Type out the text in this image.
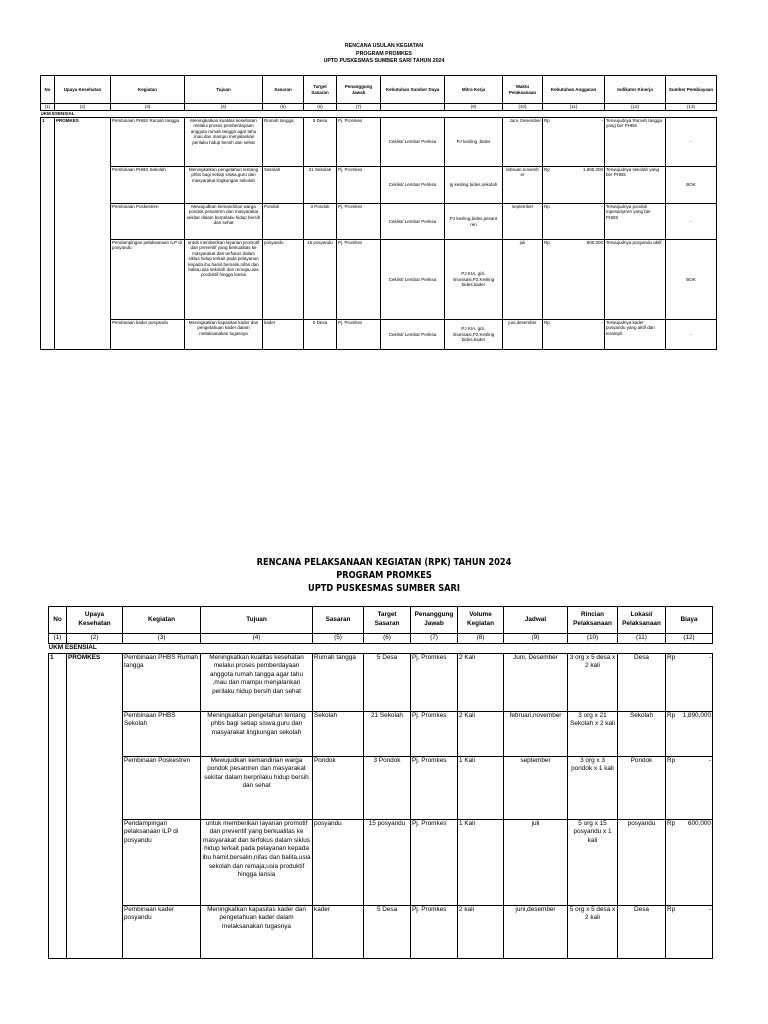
RENCANA USULAN KEGIATAN
PROGRAM PROMKES
UPTD PUSKESMAS SUMBER SARI TAHUN 2024
No	Upaya Kesehatan	Kegiatan	Tujuan	Sasaran	Target Sasaran	Penanggung Jawab	Kebutuhan Sumber Daya	Mitra Kerja	Waktu Pelaksanaan	Kebutuhan Anggaran	Indikator Kinerja	Sumber Pembiayaan
(1)	(2)	(3)	(4)	(5)	(6)	(7)		(9)	(10)	(11)	(12)	(13)
UKM ESENSIAL												
1	PROMKES	Pembinaan PHBS Rumah tangga	Meningkatkan kualitas kesehatan melalui proses pemberdayaan anggota rumah tangga agar tahu ,mau dan mampu menjalankan perilaku hidup bersih dan sehat	Rumah tangga	5 Desa	Pj. Promkes	Ceklist/ Lembar Periksa	PJ kesling ,bides	Juni, Desember	Rp -	Terwujudnya Rumah tangga yang ber PHBS	-
		Pembinaan PHBS Sekolah	Meningkatkan pengetahun tentang phbs bagi setiap siswa,guru dan masyarakat lingkungan sekolah	Sekolah	21 Sekolah	Pj. Promkes	Ceklist/ Lembar Periksa	pj kesling bides,sekolah	februari,novemb er	Rp 1,890,000	Terwujudnya sekolah yang ber PHBS	BOK
		Pembinaan Poskestren	Mewujudkan kemandirian warga pondok pesantren dan masyarakat sekitar dalam berprilaku hidup bersih dan sehat	Pondok	3 Pondok	Pj. Promkes	Ceklist/ Lembar Periksa	PJ kesling,bides,pesant ren	september	Rp -	Terwujudnya pondok mpesanytren yang ber PHBS	-
		Pendampingan pelaksanaan ILP di posyandu	untuk memberikan layanan promotif dan preventif yang berkualitas ke masyarakat dan terfokus dalam siklus hidup terkait pada pelayanan kepada ibu hamil,bersalin,nifas dan balita,usia sekolah dan remaja,usia produktif hingga lansia	posyandu	15 posyandu	Pj. Promkes	Ceklist/ Lembar Periksa	PJ KIA, gizi, imunisasi,P2,Kesling bides,kader	juli	Rp 600,000	Terwujudnya posyandu aktif	BOK
		Pembinaan kader posyandu	Meningkatkan kapasitas kader dan pengetahuan kader dalam melaksanakan tugasnya	kader	5 Desa	Pj. Promkes	Ceklist/ Lembar Periksa	PJ KIA, gizi, imunisasi,P2,Kesling bides,kader	juni,desember	Rp -	Terwujudnya kader posyandu yang aktif dan terampil	-
RENCANA PELAKSANAAN KEGIATAN (RPK) TAHUN 2024
PROGRAM PROMKES
UPTD PUSKESMAS SUMBER SARI
No	Upaya Kesehatan	Kegiatan	Tujuan	Sasaran	Target Sasaran	Penanggung Jawab	Volume Kegiatan	Jadwal	Rincian Pelaksanaan	Lokasi/ Pelaksanaan	Biaya
(1)	(2)	(3)	(4)	(5)	(6)	(7)	(8)	(9)	(10)	(11)	(12)
UKM ESENSIAL											
1	PROMKES	Pembinaan PHBS Rumah tangga	Meningkatkan kualitas kesehatan melalui proses pemberdayaan anggota rumah tangga agar tahu ,mau dan mampu menjalankan perilaku hidup bersih dan sehat	Rumah tangga	5 Desa	Pj. Promkes	2 Kali	Juni, Desember	3 org x 5 desa x 2 kali	Desa	Rp -

		Pembinaan PHBS Sekolah	Meningkatkan pengetahun tentang phbs bagi setiap siswa,guru dan masyarakat lingkungan sekolah	Sekolah	21 Sekolah	Pj. Promkes	2 Kali	februari,november	3 org x 21 Sekolah x 2 kali	Sekolah	Rp 1,890,000

		Pembinaan Poskestren	Mewujudkan kemandirian warga pondok pesantren dan masyarakat sekitar dalam berprilaku hidup bersih dan sehat	Pondok	3 Pondok	Pj. Promkes	1 Kali	september	3 org x 3 pondok x 1 kali	Pondok	Rp -

		Pendampingan pelaksanaan ILP di posyandu	untuk memberikan layanan promotif dan preventif yang berkualitas ke masyarakat dan terfokus dalam siklus hidup terkait pada pelayanan kepada ibu hamil,bersalin,nifas dan balita,usia sekolah dan remaja,usia produktif hingga lansia	posyandu	15 posyandu	Pj. Promkes	1 Kali	juli	5 org x 15 posyandu x 1 kali	posyandu	Rp 600,000

		Pembinaan kader posyandu	Meningkatkan kapasitas kader dan pengetahuan kader dalam melaksanakan tugasnya	kader	5 Desa	Pj. Promkes	2 kali	juni,desember	5 org x 5 desa x 2 kali	Desa	Rp -
